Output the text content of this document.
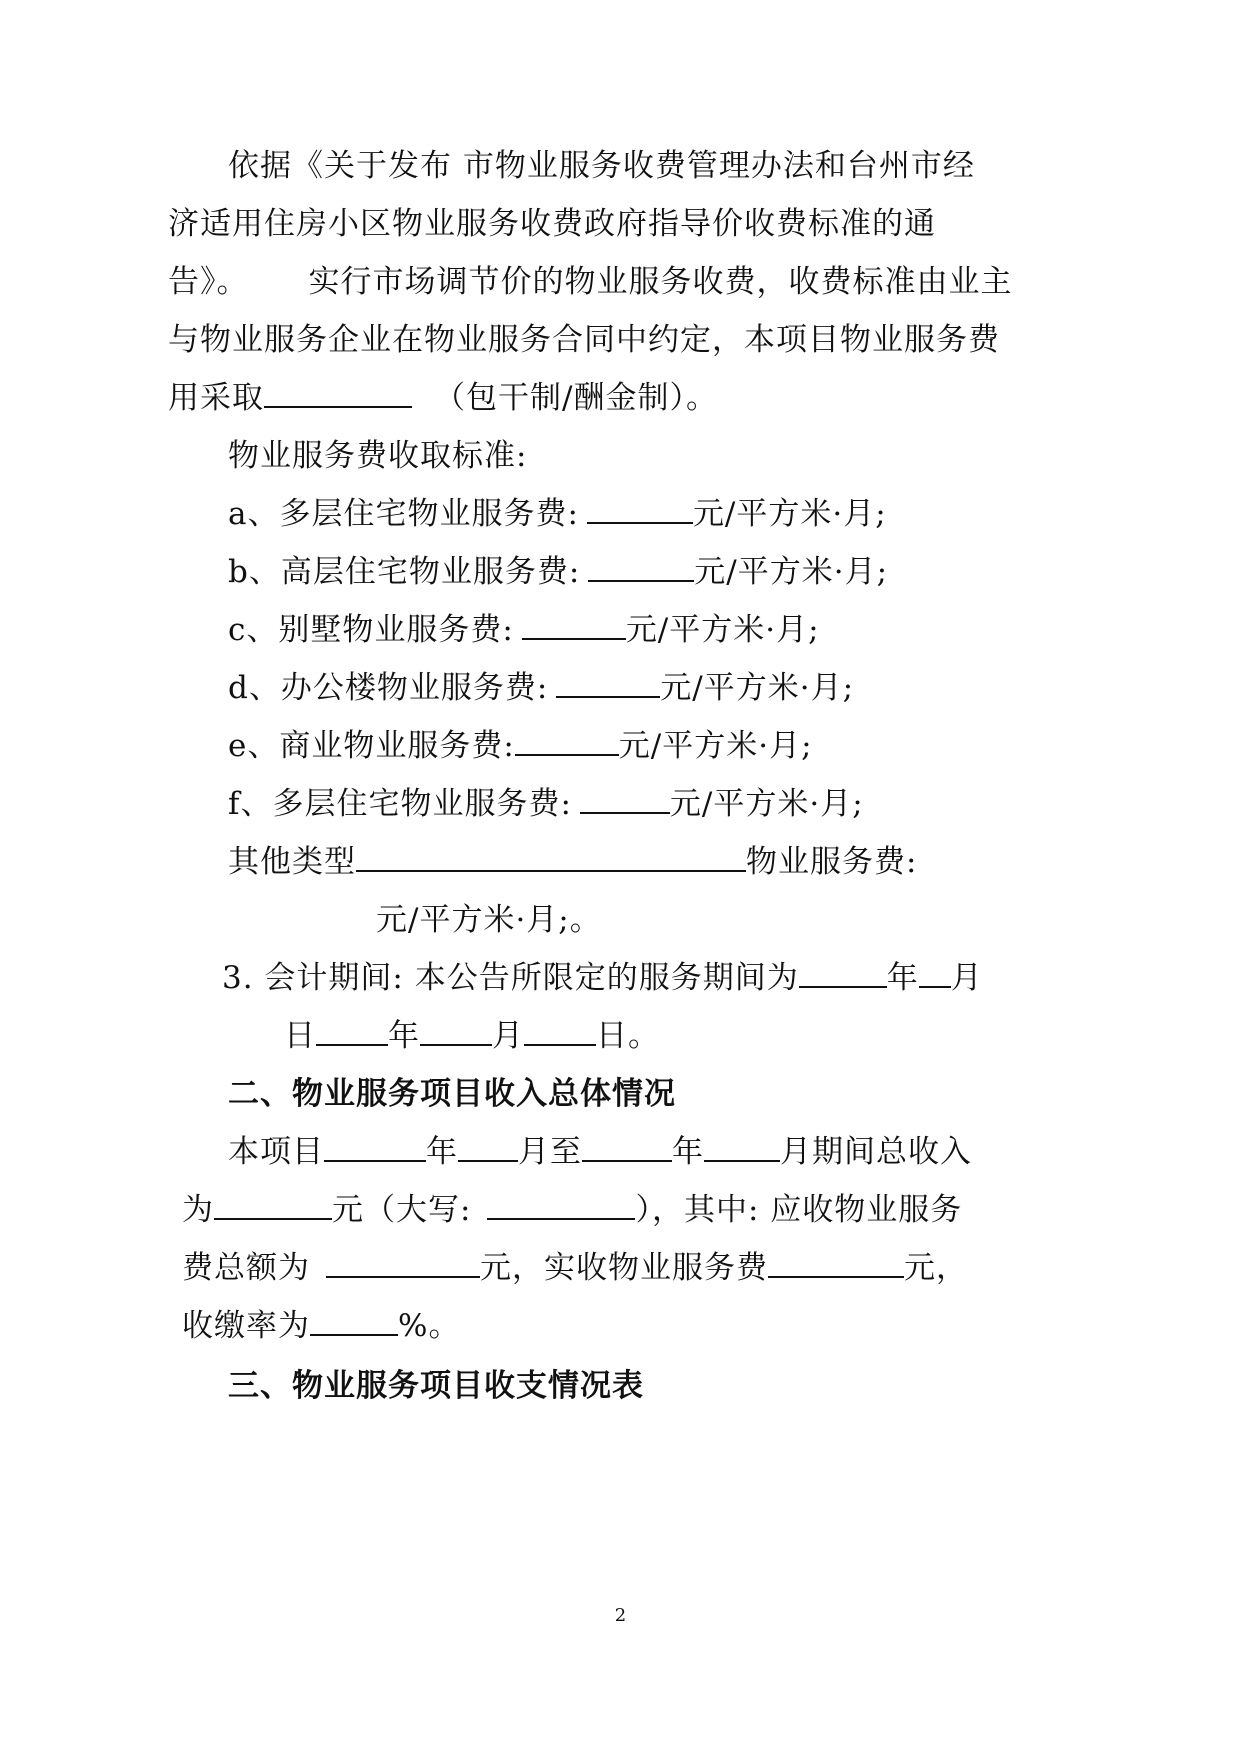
依据《关于发布 市物业服务收费管理办法和台州市经
济适用住房小区物业服务收费政府指导价收费标准的通
告》。 实行市场调节价的物业服务收费，收费标准由业主
与物业服务企业在物业服务合同中约定，本项目物业服务费
用采取	（包干制/酬金制）。
物业服务费收取标准:
a、多层住宅物业服务费:	元/平方米·月;
b、高层住宅物业服务费:	元/平方米·月;
c、别墅物业服务费:	元/平方米·月;
d、办公楼物业服务费:	元/平方米·月;
e、商业物业服务费:	元/平方米·月;
f、多层住宅物业服务费:	元/平方米·月;
其他类型	物业服务费:
元/平方米·月;。
3. 会计期间: 本公告所限定的服务期间为	年 月
日 年 月 日。
二、物业服务项目收入总体情况
本项目	年 月至	年 月期间总收入
为	元（大写:	），其中: 应收物业服务
费总额为	元，实收物业服务费	元，
收缴率为	%。
三、物业服务项目收支情况表
2
